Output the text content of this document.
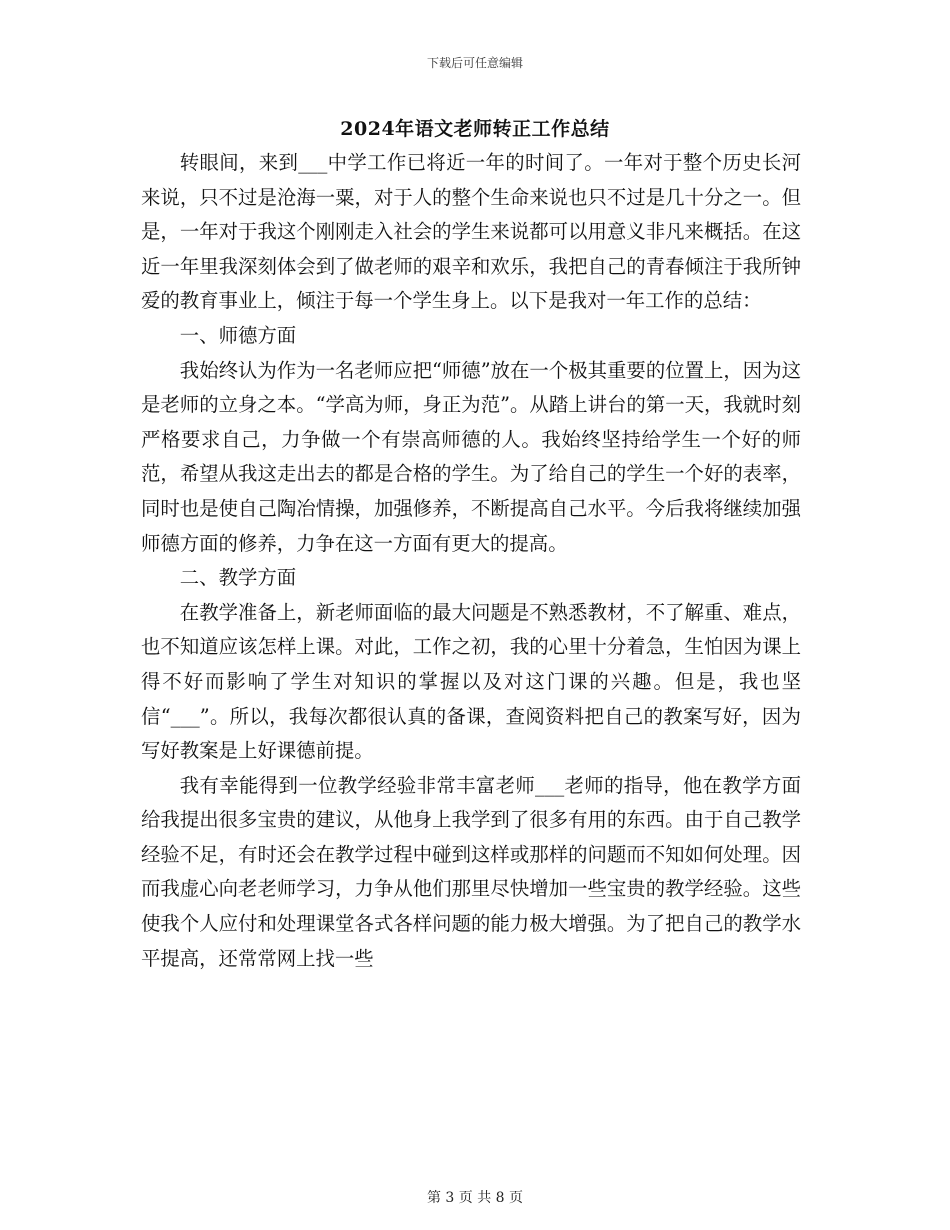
下载后可任意编辑
2024年语文老师转正工作总结

转眼间，来到___中学工作已将近一年的时间了。一年对于整个历史长河来说，只不过是沧海一粟，对于人的整个生命来说也只不过是几十分之一。但是，一年对于我这个刚刚走入社会的学生来说都可以用意义非凡来概括。在这近一年里我深刻体会到了做老师的艰辛和欢乐，我把自己的青春倾注于我所钟爱的教育事业上，倾注于每一个学生身上。以下是我对一年工作的总结：

一、师德方面

我始终认为作为一名老师应把“师德”放在一个极其重要的位置上，因为这是老师的立身之本。“学高为师，身正为范”。从踏上讲台的第一天，我就时刻严格要求自己，力争做一个有崇高师德的人。我始终坚持给学生一个好的师范，希望从我这走出去的都是合格的学生。为了给自己的学生一个好的表率，同时也是使自己陶冶情操，加强修养，不断提高自己水平。今后我将继续加强师德方面的修养，力争在这一方面有更大的提高。

二、教学方面

在教学准备上，新老师面临的最大问题是不熟悉教材，不了解重、难点，也不知道应该怎样上课。对此，工作之初，我的心里十分着急，生怕因为课上得不好而影响了学生对知识的掌握以及对这门课的兴趣。但是，我也坚信“___”。所以，我每次都很认真的备课，查阅资料把自己的教案写好，因为写好教案是上好课德前提。

我有幸能得到一位教学经验非常丰富老师___老师的指导，他在教学方面给我提出很多宝贵的建议，从他身上我学到了很多有用的东西。由于自己教学经验不足，有时还会在教学过程中碰到这样或那样的问题而不知如何处理。因而我虚心向老老师学习，力争从他们那里尽快增加一些宝贵的教学经验。这些使我个人应付和处理课堂各式各样问题的能力极大增强。为了把自己的教学水平提高，还常常网上找一些

第 3 页 共 8 页
